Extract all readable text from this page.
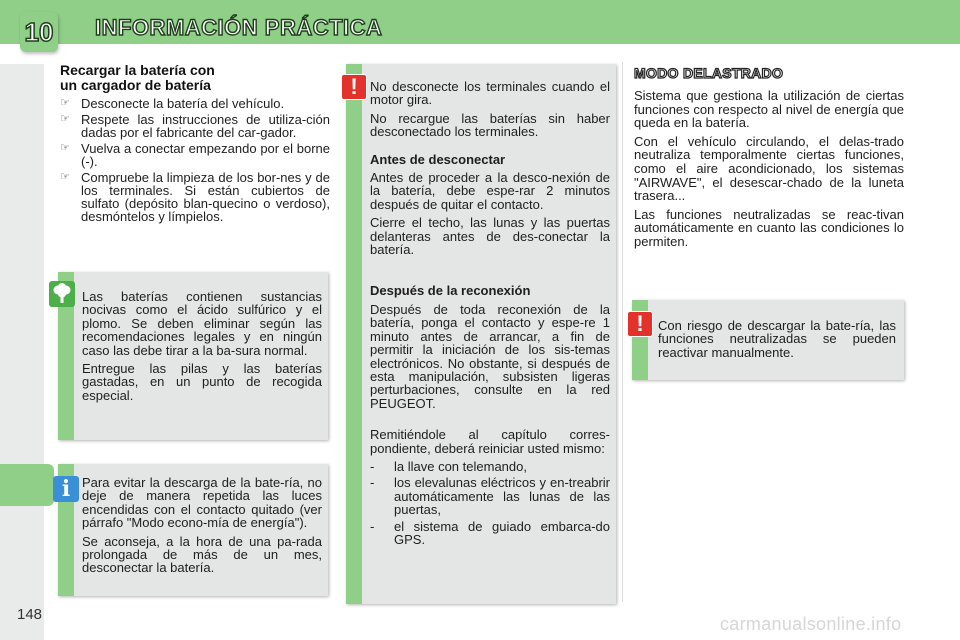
10 INFORMACIÓN PRÁCTICA
Recargar la batería con
un cargador de batería
☞ Desconecte la batería del vehículo.
☞ Respete las instrucciones de utiliza-ción dadas por el fabricante del car-gador.
☞ Vuelva a conectar empezando por el borne (-).
☞ Compruebe la limpieza de los bor-nes y de los terminales. Si están cubiertos de sulfato (depósito blan-quecino o verdoso), desmóntelos y límpielos.

Las baterías contienen sustancias nocivas como el ácido sulfúrico y el plomo. Se deben eliminar según las recomendaciones legales y en ningún caso las debe tirar a la ba-sura normal.

Entregue las pilas y las baterías gastadas, en un punto de recogida especial.

Para evitar la descarga de la bate-ría, no deje de manera repetida las luces encendidas con el contacto quitado (ver párrafo "Modo econo-mía de energía").

Se aconseja, a la hora de una pa-rada prolongada de más de un mes, desconectar la batería.

i

No desconecte los terminales cuando el motor gira.

No recargue las baterías sin haber desconectado los terminales.

Antes de desconectar

Antes de proceder a la desco-nexión de la batería, debe espe-rar 2 minutos después de quitar el contacto.

Cierre el techo, las lunas y las puertas delanteras antes de des-conectar la batería.

Después de la reconexión

Después de toda reconexión de la batería, ponga el contacto y espe-re 1 minuto antes de arrancar, a fin de permitir la iniciación de los sis-temas electrónicos. No obstante, si después de esta manipulación, subsisten ligeras perturbaciones, consulte en la red PEUGEOT.

Remitiéndole al capítulo corres-pondiente, deberá reiniciar usted mismo:

- la llave con telemando,
- los elevalunas eléctricos y en-treabrir automáticamente las lunas de las puertas,
- el sistema de guiado embarca-do GPS.
!
MODO DELASTRADO

Sistema que gestiona la utilización de ciertas funciones con respecto al nivel de energía que queda en la batería.

Con el vehículo circulando, el delas-trado neutraliza temporalmente ciertas funciones, como el aire acondicionado, los sistemas "AIRWAVE", el desescar-chado de la luneta trasera...

Las funciones neutralizadas se reac-tivan automáticamente en cuanto las condiciones lo permiten.

Con riesgo de descargar la bate-ría, las funciones neutralizadas se pueden reactivar manualmente.
!
148	carmanualsonline.info
